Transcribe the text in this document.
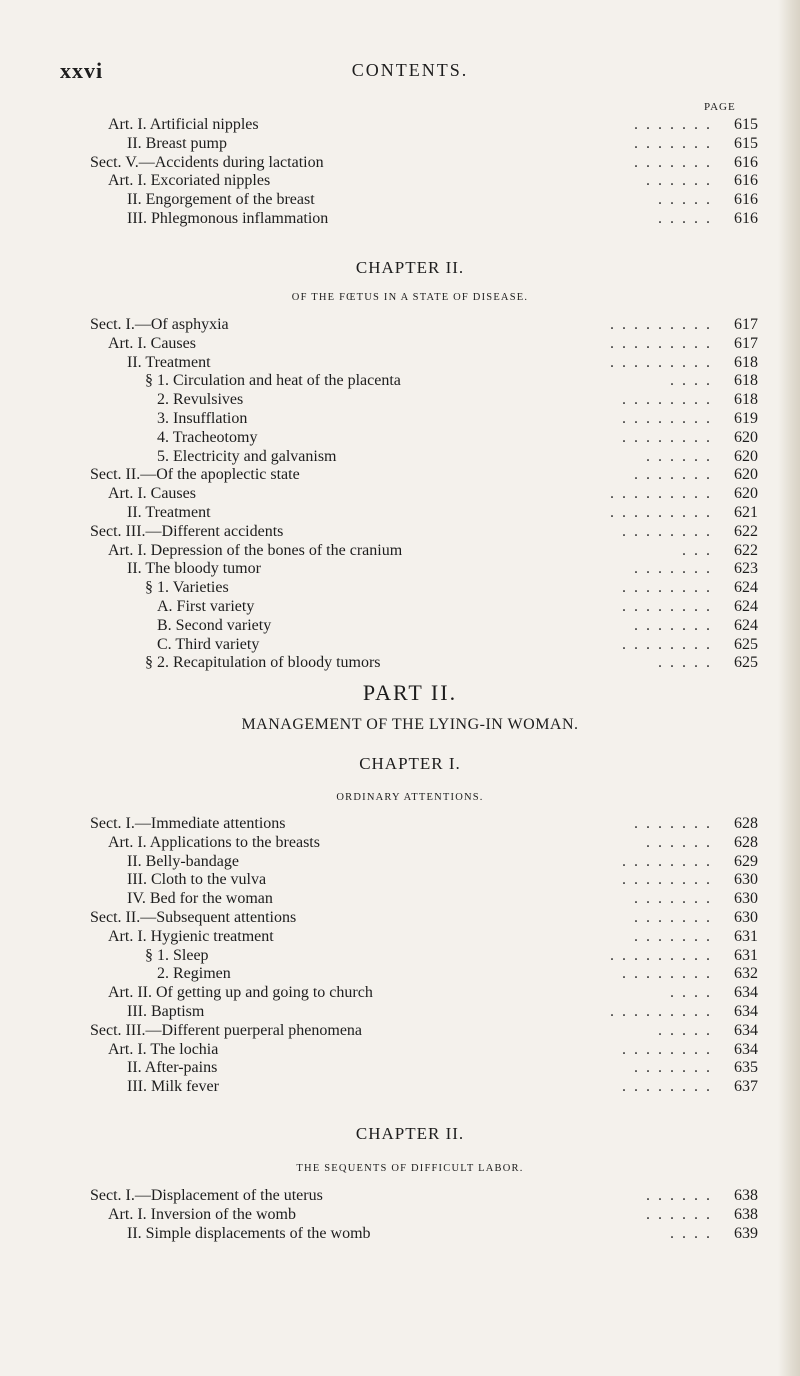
xxvi	CONTENTS.
PAGE
Art. I. Artificial nipples	. . . . . . .	615
II. Breast pump	. . . . . . .	615
Sect. V.—Accidents during lactation	. . . . . . .	616
Art. I. Excoriated nipples	. . . . . .	616
II. Engorgement of the breast	. . . . .	616
III. Phlegmonous inflammation	. . . . .	616
CHAPTER II.
OF THE FŒTUS IN A STATE OF DISEASE.
Sect. I.—Of asphyxia	. . . . . . . . .	617
Art. I. Causes	. . . . . . . . .	617
II. Treatment	. . . . . . . . .	618
§ 1. Circulation and heat of the placenta	. . . .	618
2. Revulsives	. . . . . . . .	618
3. Insufflation	. . . . . . . .	619
4. Tracheotomy	. . . . . . . .	620
5. Electricity and galvanism	. . . . . .	620
Sect. II.—Of the apoplectic state	. . . . . . .	620
Art. I. Causes	. . . . . . . . .	620
II. Treatment	. . . . . . . . .	621
Sect. III.—Different accidents	. . . . . . . .	622
Art. I. Depression of the bones of the cranium	. . .	622
II. The bloody tumor	. . . . . . .	623
§ 1. Varieties	. . . . . . . .	624
A. First variety	. . . . . . . .	624
B. Second variety	. . . . . . .	624
C. Third variety	. . . . . . . .	625
§ 2. Recapitulation of bloody tumors	. . . . .	625
PART II.
MANAGEMENT OF THE LYING-IN WOMAN.
CHAPTER I.
ORDINARY ATTENTIONS.
Sect. I.—Immediate attentions	. . . . . . .	628
Art. I. Applications to the breasts	. . . . . .	628
II. Belly-bandage	. . . . . . . .	629
III. Cloth to the vulva	. . . . . . . .	630
IV. Bed for the woman	. . . . . . .	630
Sect. II.—Subsequent attentions	. . . . . . .	630
Art. I. Hygienic treatment	. . . . . . .	631
§ 1. Sleep	. . . . . . . . .	631
2. Regimen	. . . . . . . .	632
Art. II. Of getting up and going to church	. . . .	634
III. Baptism	. . . . . . . . .	634
Sect. III.—Different puerperal phenomena	. . . . .	634
Art. I. The lochia	. . . . . . . .	634
II. After-pains	. . . . . . .	635
III. Milk fever	. . . . . . . .	637
CHAPTER II.
THE SEQUENTS OF DIFFICULT LABOR.
Sect. I.—Displacement of the uterus	. . . . . .	638
Art. I. Inversion of the womb	. . . . . .	638
II. Simple displacements of the womb	. . . .	639
